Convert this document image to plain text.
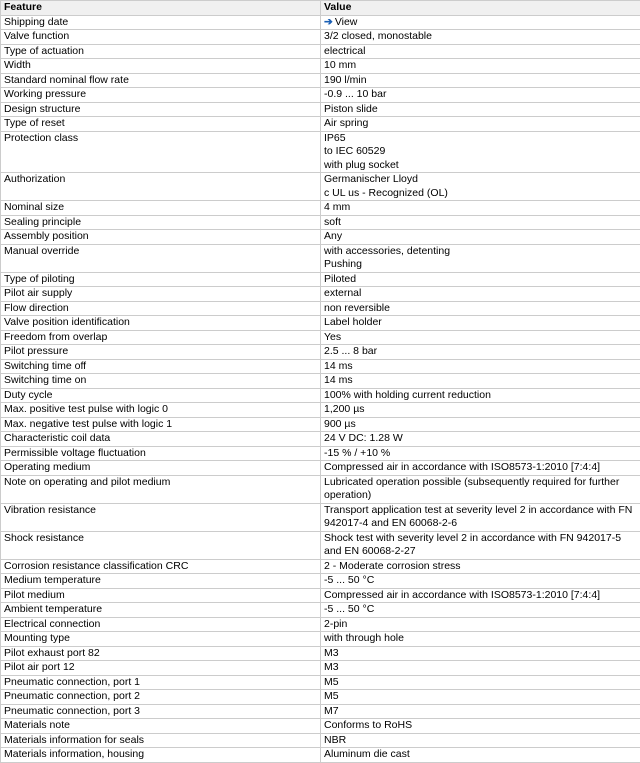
Feature	Value
Shipping date	➔ View
Valve function	3/2 closed, monostable

Type of actuation	electrical

Width	10 mm

Standard nominal flow rate	190 l/min

Working pressure	-0.9 ... 10 bar

Design structure	Piston slide

Type of reset	Air spring

Protection class	IP65
to IEC 60529
with plug socket

Authorization	Germanischer Lloyd
c UL us - Recognized (OL)

Nominal size	4 mm

Sealing principle	soft

Assembly position	Any

Manual override	with accessories, detenting
Pushing

Type of piloting	Piloted

Pilot air supply	external

Flow direction	non reversible

Valve position identification	Label holder

Freedom from overlap	Yes

Pilot pressure	2.5 ... 8 bar

Switching time off	14 ms

Switching time on	14 ms

Duty cycle	100% with holding current reduction

Max. positive test pulse with logic 0	1,200 µs

Max. negative test pulse with logic 1	900 µs

Characteristic coil data	24 V DC: 1.28 W

Permissible voltage fluctuation	-15 % / +10 %

Operating medium	Compressed air in accordance with ISO8573-1:2010 [7:4:4]

Note on operating and pilot medium	Lubricated operation possible (subsequently required for further operation)

Vibration resistance	Transport application test at severity level 2 in accordance with FN 942017-4 and EN 60068-2-6

Shock resistance	Shock test with severity level 2 in accordance with FN 942017-5 and EN 60068-2-27

Corrosion resistance classification CRC	2 - Moderate corrosion stress

Medium temperature	-5 ... 50 °C

Pilot medium	Compressed air in accordance with ISO8573-1:2010 [7:4:4]

Ambient temperature	-5 ... 50 °C

Electrical connection	2-pin

Mounting type	with through hole

Pilot exhaust port 82	M3

Pilot air port 12	M3

Pneumatic connection, port 1	M5

Pneumatic connection, port 2	M5

Pneumatic connection, port 3	M7

Materials note	Conforms to RoHS

Materials information for seals	NBR

Materials information, housing	Aluminum die cast
